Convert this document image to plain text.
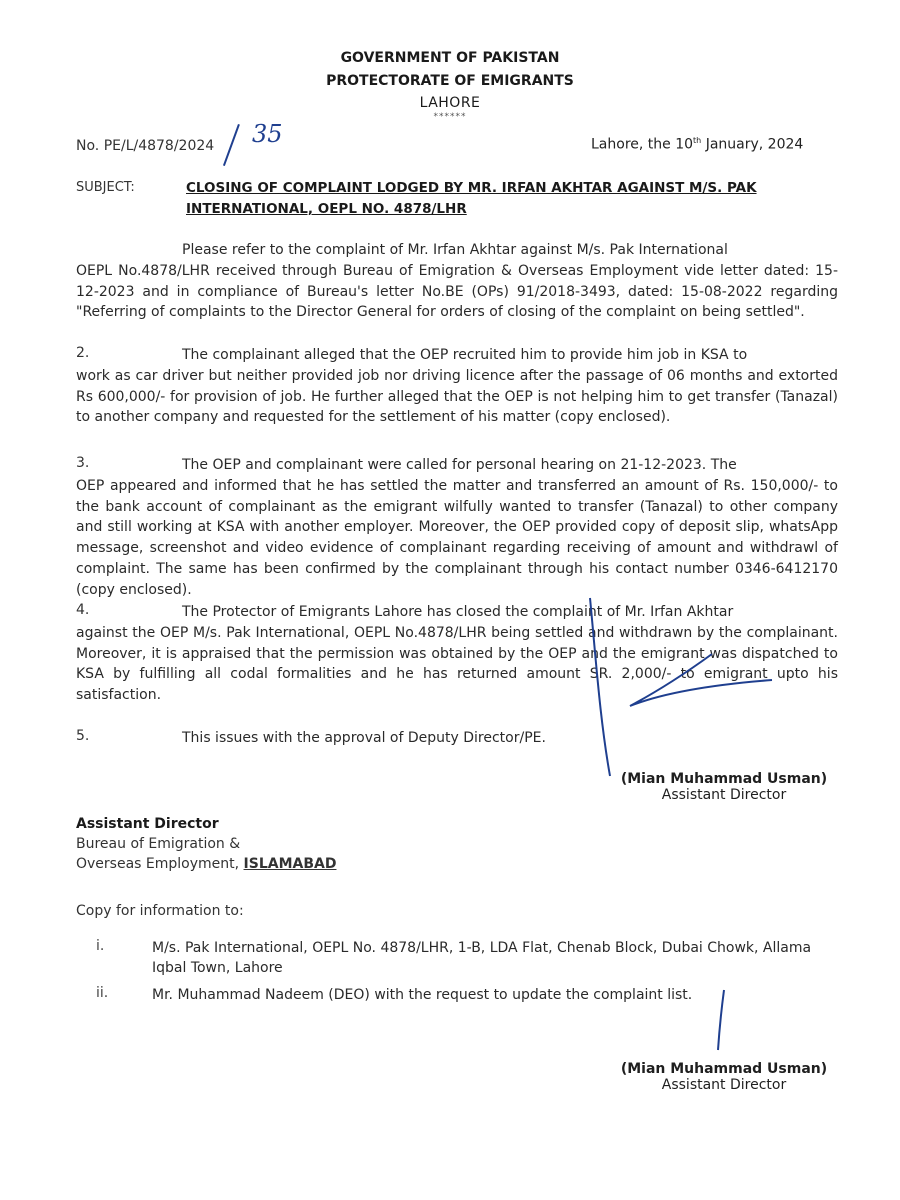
GOVERNMENT OF PAKISTAN
PROTECTORATE OF EMIGRANTS
LAHORE
******
No. PE/L/4878/2024 35	Lahore, the 10th January, 2024
SUBJECT:	CLOSING OF COMPLAINT LODGED BY MR. IRFAN AKHTAR AGAINST M/S. PAK
INTERNATIONAL, OEPL NO. 4878/LHR
Please refer to the complaint of Mr. Irfan Akhtar against M/s. Pak International
OEPL No.4878/LHR received through Bureau of Emigration & Overseas Employment vide letter dated: 15-12-2023 and in compliance of Bureau's letter No.BE (OPs) 91/2018-3493, dated: 15-08-2022 regarding "Referring of complaints to the Director General for orders of closing of the complaint on being settled".
2.	The complainant alleged that the OEP recruited him to provide him job in KSA to
work as car driver but neither provided job nor driving licence after the passage of 06 months and extorted Rs 600,000/- for provision of job. He further alleged that the OEP is not helping him to get transfer (Tanazal) to another company and requested for the settlement of his matter (copy enclosed).
3.	The OEP and complainant were called for personal hearing on 21-12-2023. The
OEP appeared and informed that he has settled the matter and transferred an amount of Rs. 150,000/- to the bank account of complainant as the emigrant wilfully wanted to transfer (Tanazal) to other company and still working at KSA with another employer. Moreover, the OEP provided copy of deposit slip, whatsApp message, screenshot and video evidence of complainant regarding receiving of amount and withdrawl of complaint. The same has been confirmed by the complainant through his contact number 0346-6412170 (copy enclosed).
4.	The Protector of Emigrants Lahore has closed the complaint of Mr. Irfan Akhtar
against the OEP M/s. Pak International, OEPL No.4878/LHR being settled and withdrawn by the complainant. Moreover, it is appraised that the permission was obtained by the OEP and the emigrant was dispatched to KSA by fulfilling all codal formalities and he has returned amount SR. 2,000/- to emigrant upto his satisfaction.
5.	This issues with the approval of Deputy Director/PE.
(Mian Muhammad Usman)
Assistant Director
Assistant Director
Bureau of Emigration &
Overseas Employment, ISLAMABAD
Copy for information to:
i.	M/s. Pak International, OEPL No. 4878/LHR, 1-B, LDA Flat, Chenab Block, Dubai Chowk, Allama Iqbal Town, Lahore
ii.	Mr. Muhammad Nadeem (DEO) with the request to update the complaint list.
(Mian Muhammad Usman)
Assistant Director
